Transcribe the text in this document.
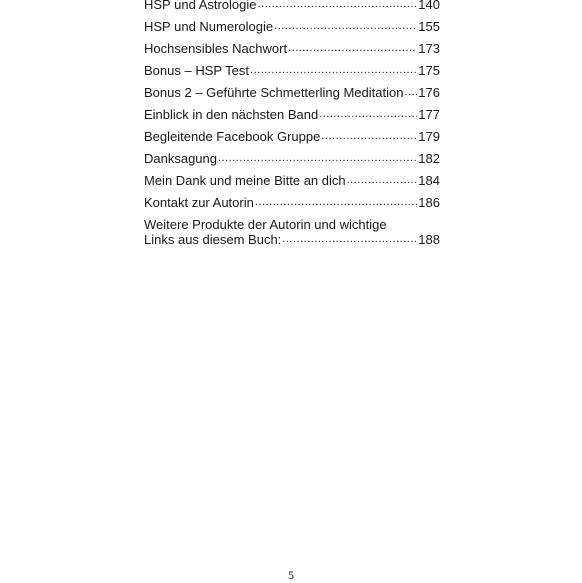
HSP und Astrologie .....	140
HSP und Numerologie .....	155
Hochsensibles Nachwort .....	173
Bonus – HSP Test .....	175
Bonus 2 – Geführte Schmetterling Meditation ..... 176
Einblick in den nächsten Band .....	177
Begleitende Facebook Gruppe .....	179
Danksagung .....	182
Mein Dank und meine Bitte an dich .....	184
Kontakt zur Autorin .....	186
Weitere Produkte der Autorin und wichtige
Links aus diesem Buch: .....	188
5
